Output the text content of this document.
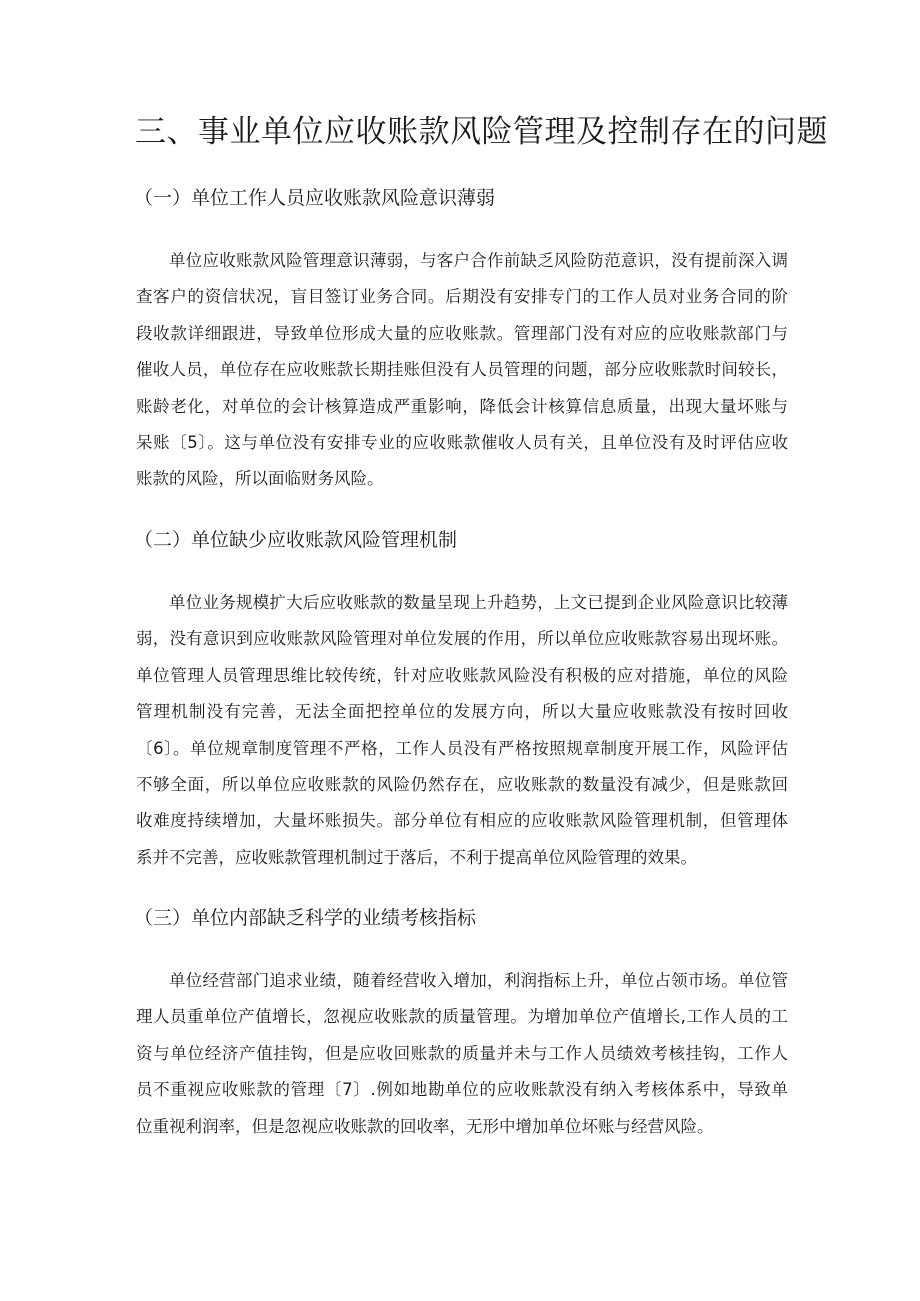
三、事业单位应收账款风险管理及控制存在的问题
（一）单位工作人员应收账款风险意识薄弱
单位应收账款风险管理意识薄弱，与客户合作前缺乏风险防范意识，没有提前深入调
查客户的资信状况，盲目签订业务合同。后期没有安排专门的工作人员对业务合同的阶
段收款详细跟进，导致单位形成大量的应收账款。管理部门没有对应的应收账款部门与
催收人员，单位存在应收账款长期挂账但没有人员管理的问题，部分应收账款时间较长，
账龄老化，对单位的会计核算造成严重影响，降低会计核算信息质量，出现大量坏账与
呆账〔5〕。这与单位没有安排专业的应收账款催收人员有关，且单位没有及时评估应收
账款的风险，所以面临财务风险。
（二）单位缺少应收账款风险管理机制
单位业务规模扩大后应收账款的数量呈现上升趋势，上文已提到企业风险意识比较薄
弱，没有意识到应收账款风险管理对单位发展的作用，所以单位应收账款容易出现坏账。
单位管理人员管理思维比较传统，针对应收账款风险没有积极的应对措施，单位的风险
管理机制没有完善，无法全面把控单位的发展方向，所以大量应收账款没有按时回收
〔6〕。单位规章制度管理不严格，工作人员没有严格按照规章制度开展工作，风险评估
不够全面，所以单位应收账款的风险仍然存在，应收账款的数量没有减少，但是账款回
收难度持续增加，大量坏账损失。部分单位有相应的应收账款风险管理机制，但管理体
系并不完善，应收账款管理机制过于落后，不利于提高单位风险管理的效果。
（三）单位内部缺乏科学的业绩考核指标
单位经营部门追求业绩，随着经营收入增加，利润指标上升，单位占领市场。单位管
理人员重单位产值增长，忽视应收账款的质量管理。为增加单位产值增长,工作人员的工
资与单位经济产值挂钩，但是应收回账款的质量并未与工作人员绩效考核挂钩，工作人
员不重视应收账款的管理〔7〕.例如地勘单位的应收账款没有纳入考核体系中，导致单
位重视利润率，但是忽视应收账款的回收率，无形中增加单位坏账与经营风险。
